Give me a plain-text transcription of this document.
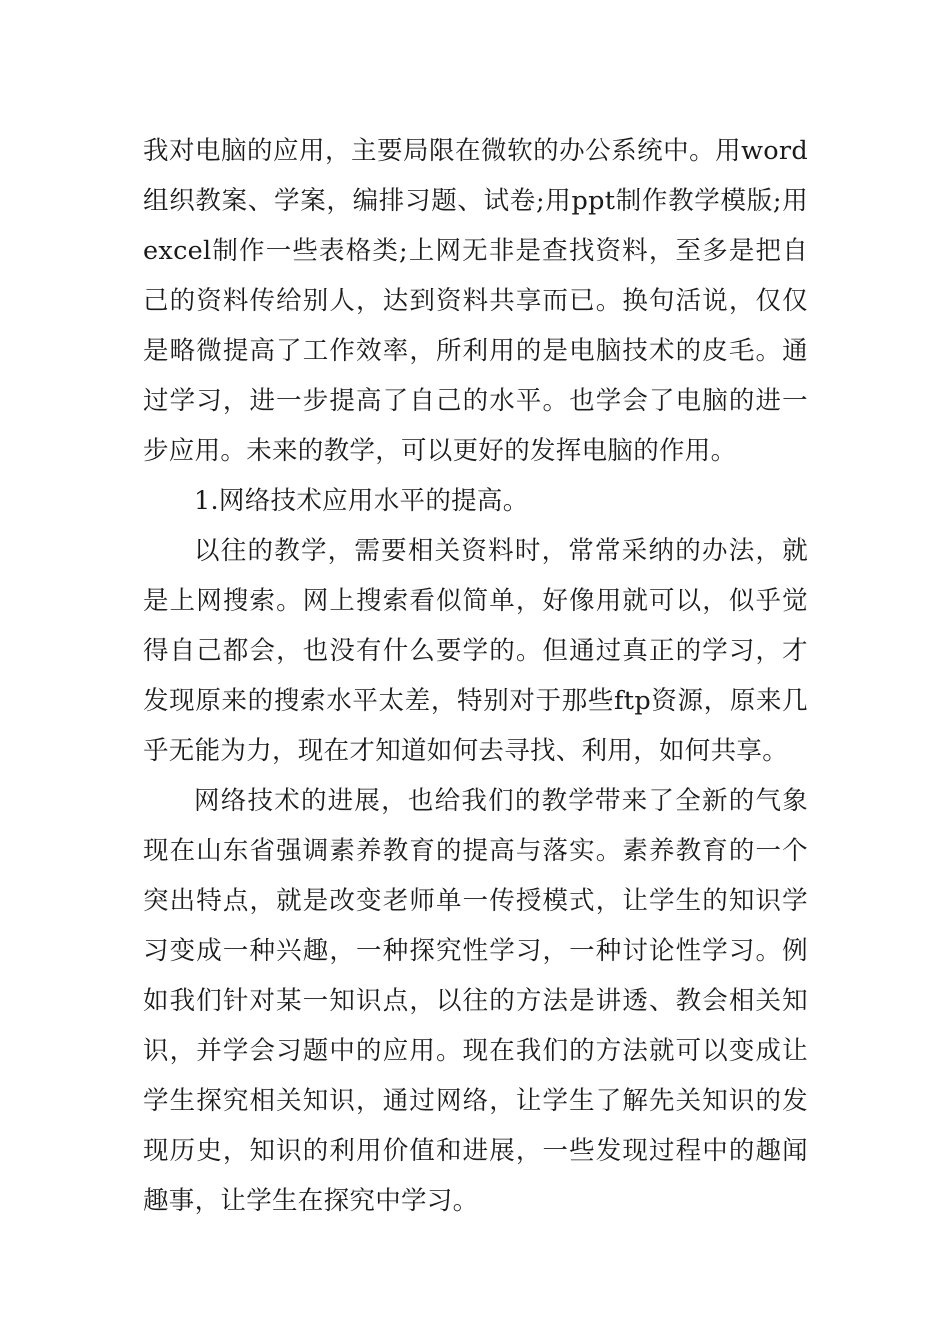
我对电脑的应用，主要局限在微软的办公系统中。用word组织教案、学案，编排习题、试卷;用ppt制作教学模版;用excel制作一些表格类;上网无非是查找资料，至多是把自己的资料传给别人，达到资料共享而已。换句活说，仅仅是略微提高了工作效率，所利用的是电脑技术的皮毛。通过学习，进一步提高了自己的水平。也学会了电脑的进一步应用。未来的教学，可以更好的发挥电脑的作用。

1.网络技术应用水平的提高。

以往的教学，需要相关资料时，常常采纳的办法，就是上网搜索。网上搜索看似简单，好像用就可以，似乎觉得自己都会，也没有什么要学的。但通过真正的学习，才发现原来的搜索水平太差，特别对于那些ftp资源，原来几乎无能为力，现在才知道如何去寻找、利用，如何共享。

网络技术的进展，也给我们的教学带来了全新的气象现在山东省强调素养教育的提高与落实。素养教育的一个突出特点，就是改变老师单一传授模式，让学生的知识学习变成一种兴趣，一种探究性学习，一种讨论性学习。例如我们针对某一知识点，以往的方法是讲透、教会相关知识，并学会习题中的应用。现在我们的方法就可以变成让学生探究相关知识，通过网络，让学生了解先关知识的发现历史，知识的利用价值和进展，一些发现过程中的趣闻趣事，让学生在探究中学习。
